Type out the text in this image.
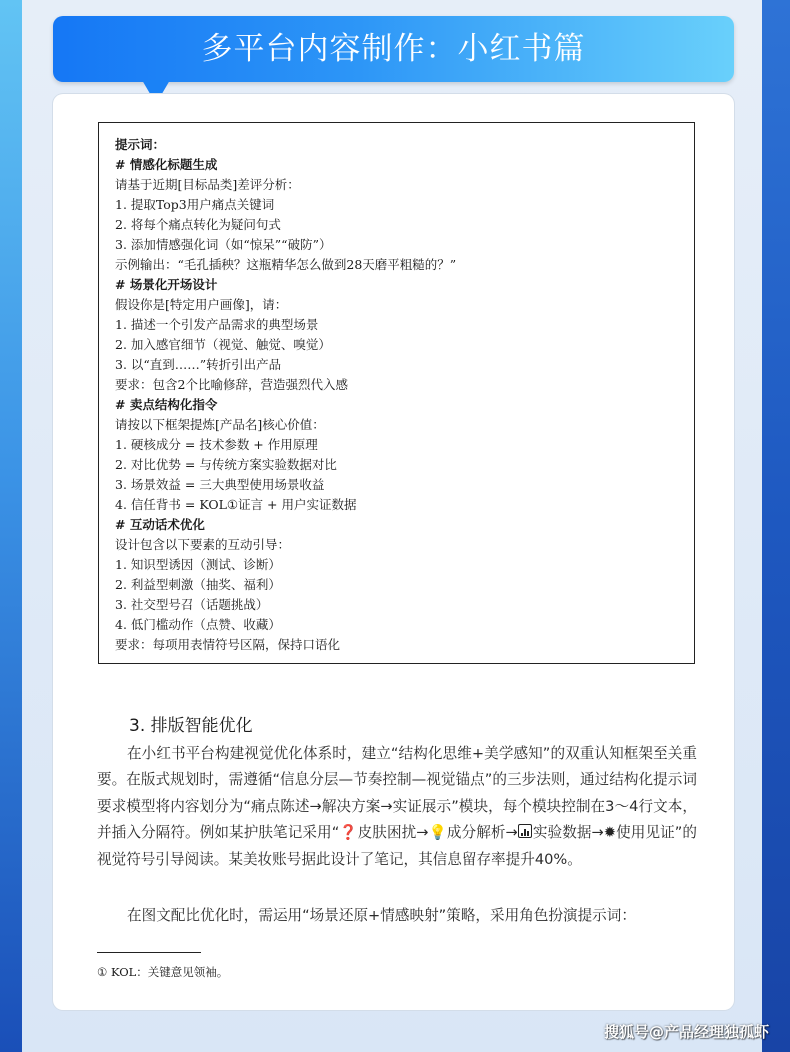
多平台内容制作：小红书篇
提示词：
# 情感化标题生成
请基于近期[目标品类]差评分析：
1. 提取Top3用户痛点关键词
2. 将每个痛点转化为疑问句式
3. 添加情感强化词（如“惊呆”“破防”）
示例输出：“毛孔插秧？这瓶精华怎么做到28天磨平粗糙的？”
# 场景化开场设计
假设你是[特定用户画像]，请：
1. 描述一个引发产品需求的典型场景
2. 加入感官细节（视觉、触觉、嗅觉）
3. 以“直到……”转折引出产品
要求：包含2个比喻修辞，营造强烈代入感
# 卖点结构化指令
请按以下框架提炼[产品名]核心价值：
1. 硬核成分 = 技术参数 + 作用原理
2. 对比优势 = 与传统方案实验数据对比
3. 场景效益 = 三大典型使用场景收益
4. 信任背书 = KOL①证言 + 用户实证数据
# 互动话术优化
设计包含以下要素的互动引导：
1. 知识型诱因（测试、诊断）
2. 利益型刺激（抽奖、福利）
3. 社交型号召（话题挑战）
4. 低门槛动作（点赞、收藏）
要求：每项用表情符号区隔，保持口语化
3. 排版智能优化
在小红书平台构建视觉优化体系时，建立“结构化思维+美学感知”的双重认知框架至关重要。在版式规划时，需遵循“信息分层—节奏控制—视觉锚点”的三步法则，通过结构化提示词要求模型将内容划分为“痛点陈述→解决方案→实证展示”模块，每个模块控制在3～4行文本，并插入分隔符。例如某护肤笔记采用“❓皮肤困扰→💡成分解析→ 实验数据→✹使用见证”的视觉符号引导阅读。某美妆账号据此设计了笔记，其信息留存率提升40%。
在图文配比优化时，需运用“场景还原+情感映射”策略，采用角色扮演提示词：
① KOL：关键意见领袖。
搜狐号@产品经理独孤虾
